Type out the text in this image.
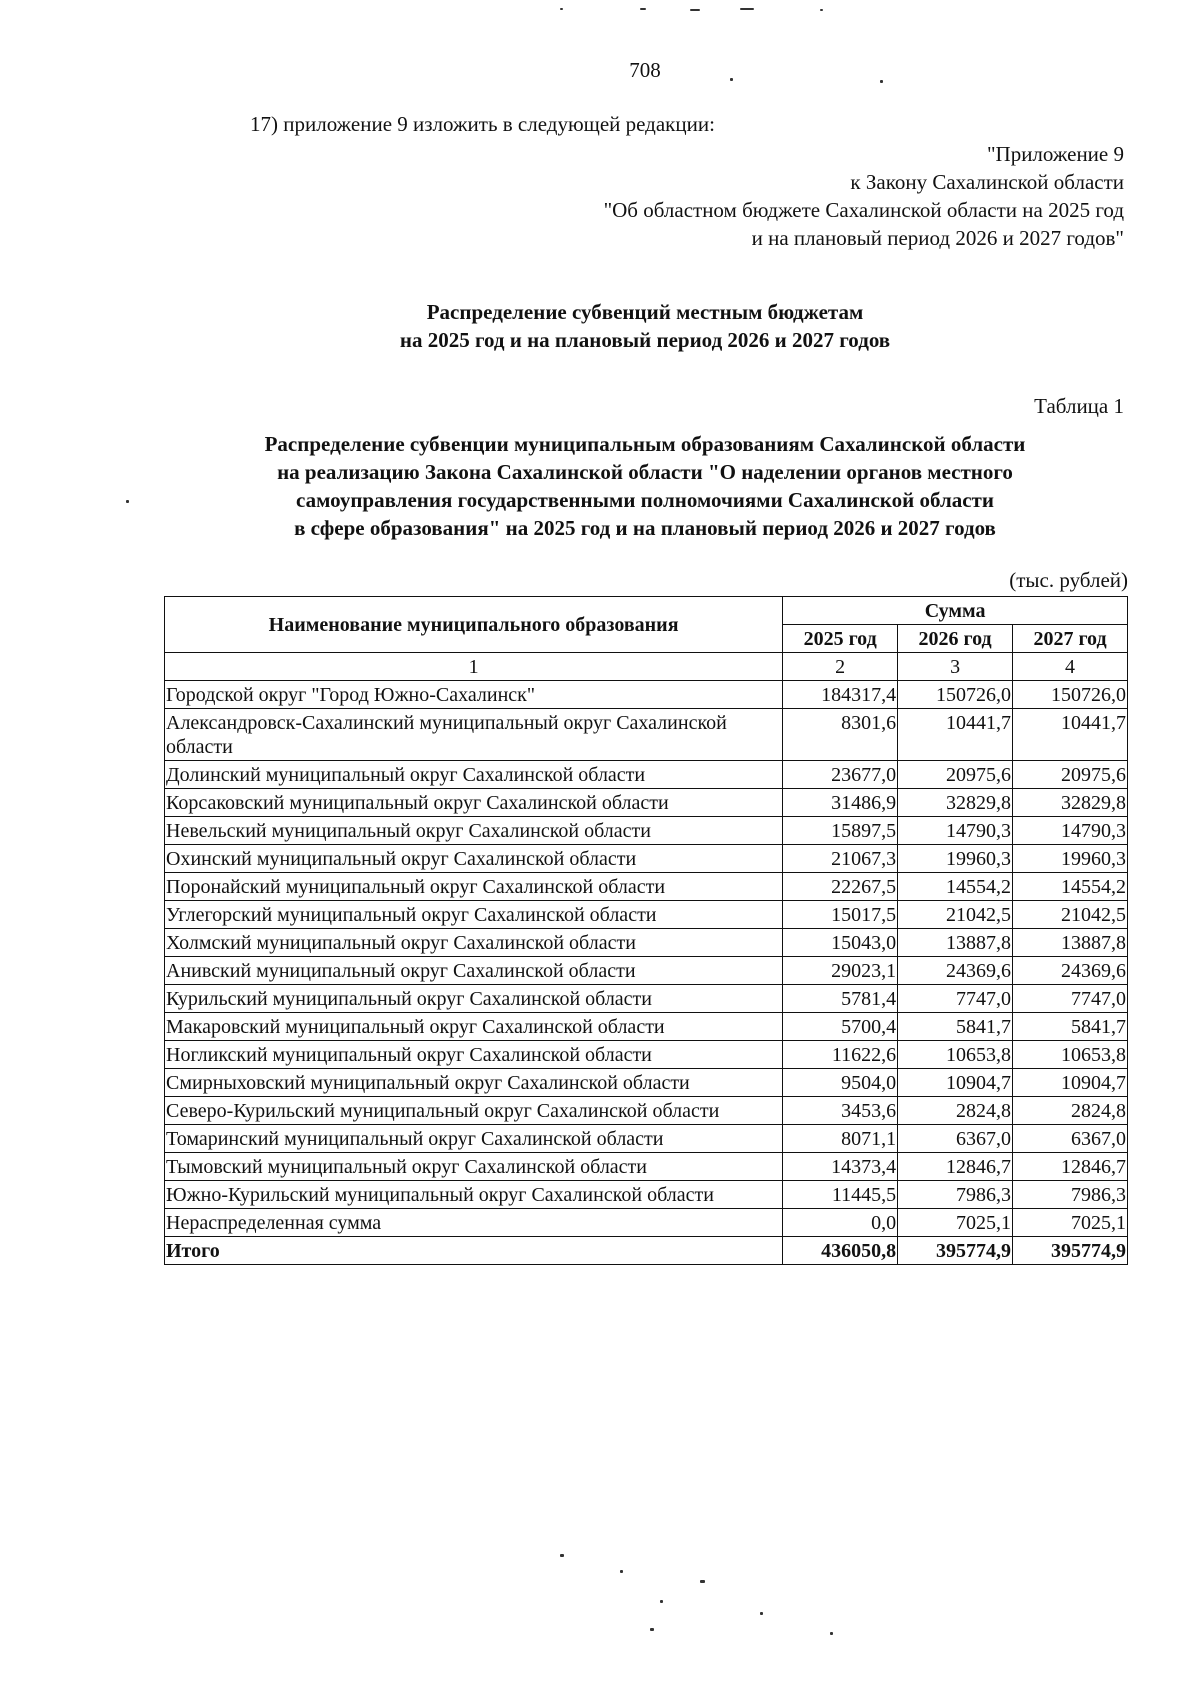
708
17) приложение 9 изложить в следующей редакции:
"Приложение 9
к Закону Сахалинской области
"Об областном бюджете Сахалинской области на 2025 год
и на плановый период 2026 и 2027 годов"
Распределение субвенций местным бюджетам
на 2025 год и на плановый период 2026 и 2027 годов
Таблица 1
Распределение субвенции муниципальным образованиям Сахалинской области
на реализацию Закона Сахалинской области "О наделении органов местного
самоуправления государственными полномочиями Сахалинской области
в сфере образования" на 2025 год и на плановый период 2026 и 2027 годов
(тыс. рублей)
Наименование муниципального образования	Сумма		
	2025 год	2026 год	2027 год
1	2	3	4
Городской округ "Город Южно-Сахалинск"	184317,4	150726,0	150726,0
Александровск-Сахалинский муниципальный округ Сахалинской области	8301,6	10441,7	10441,7
Долинский муниципальный округ Сахалинской области	23677,0	20975,6	20975,6
Корсаковский муниципальный округ Сахалинской области	31486,9	32829,8	32829,8
Невельский муниципальный округ Сахалинской области	15897,5	14790,3	14790,3
Охинский муниципальный округ Сахалинской области	21067,3	19960,3	19960,3
Поронайский муниципальный округ Сахалинской области	22267,5	14554,2	14554,2
Углегорский муниципальный округ Сахалинской области	15017,5	21042,5	21042,5
Холмский муниципальный округ Сахалинской области	15043,0	13887,8	13887,8
Анивский муниципальный округ Сахалинской области	29023,1	24369,6	24369,6
Курильский муниципальный округ Сахалинской области	5781,4	7747,0	7747,0
Макаровский муниципальный округ Сахалинской области	5700,4	5841,7	5841,7
Ногликский муниципальный округ Сахалинской области	11622,6	10653,8	10653,8
Смирныховский муниципальный округ Сахалинской области	9504,0	10904,7	10904,7
Северо-Курильский муниципальный округ Сахалинской области	3453,6	2824,8	2824,8
Томаринский муниципальный округ Сахалинской области	8071,1	6367,0	6367,0
Тымовский муниципальный округ Сахалинской области	14373,4	12846,7	12846,7
Южно-Курильский муниципальный округ Сахалинской области	11445,5	7986,3	7986,3
Нераспределенная сумма	0,0	7025,1	7025,1
Итого	436050,8	395774,9	395774,9
